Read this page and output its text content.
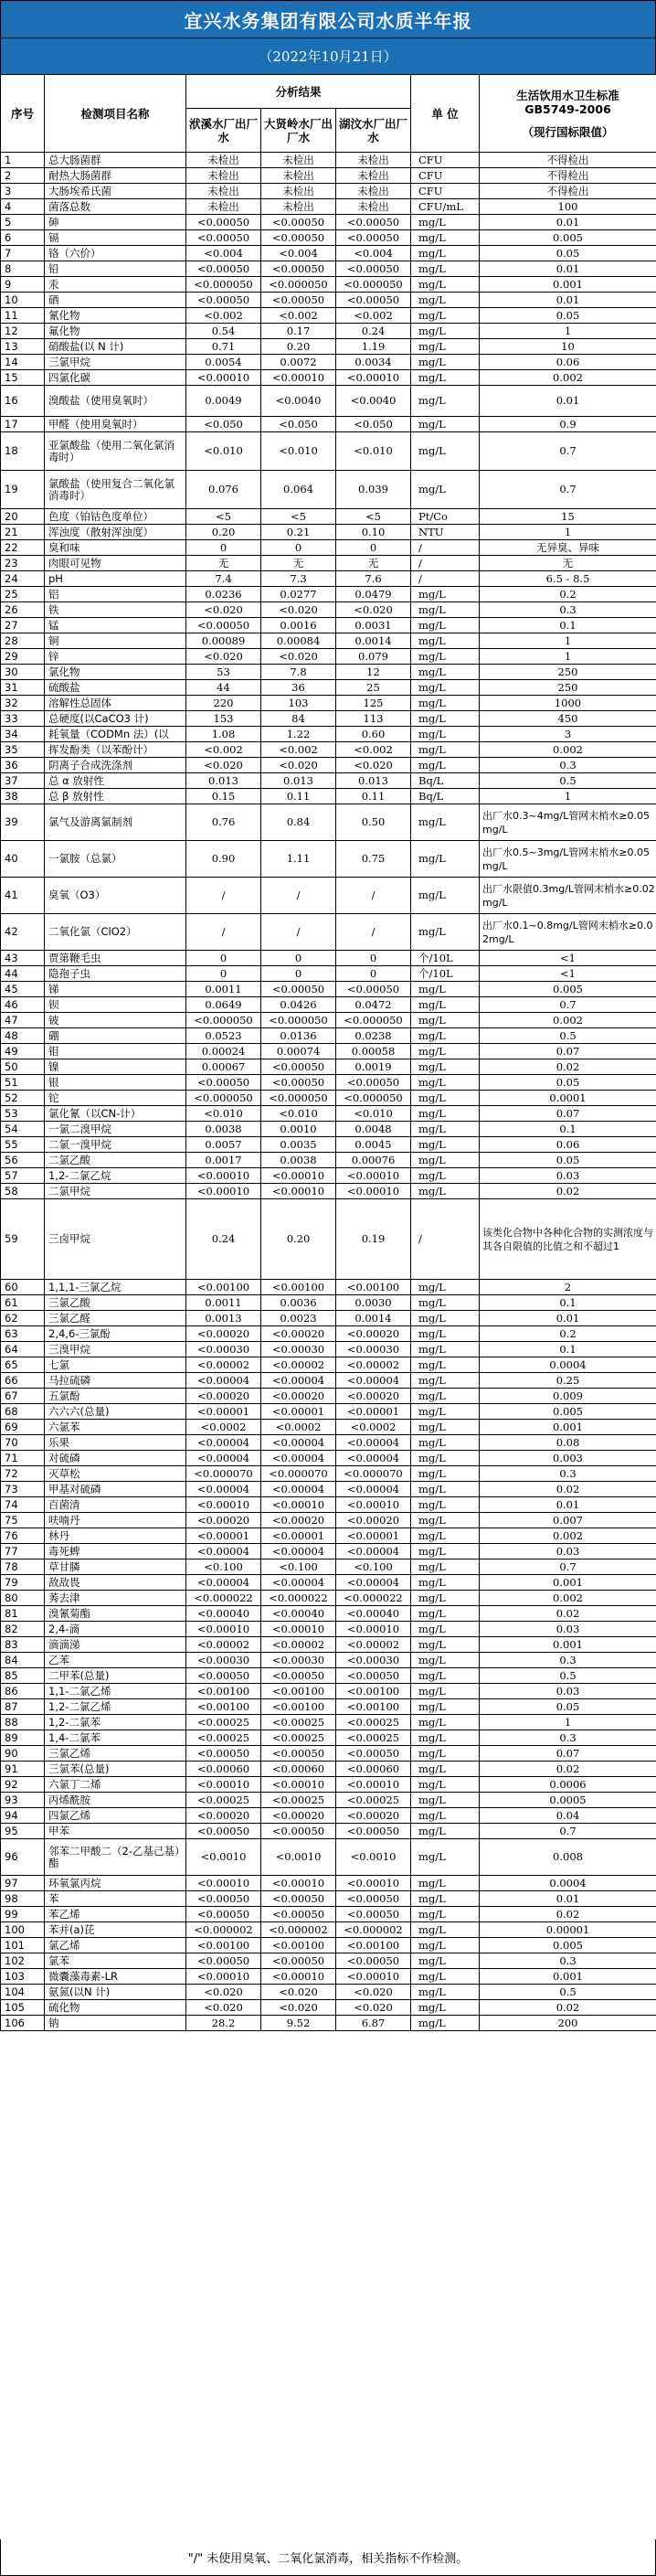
宜兴水务集团有限公司水质半年报
（2022年10月21日）
序号	检测项目名称	分析结果			单 位	生活饮用水卫生标准
GB5749-2006
（现行国标限值）

		洑溪水厂出厂水	大贤岭水厂出厂水	湖汶水厂出厂水		
1	总大肠菌群	未检出	未检出	未检出	CFU	不得检出
2	耐热大肠菌群	未检出	未检出	未检出	CFU	不得检出
3	大肠埃希氏菌	未检出	未检出	未检出	CFU	不得检出
4	菌落总数	未检出	未检出	未检出	CFU/mL	100
5	砷	<0.00050	<0.00050	<0.00050	mg/L	0.01
6	镉	<0.00050	<0.00050	<0.00050	mg/L	0.005
7	铬（六价）	<0.004	<0.004	<0.004	mg/L	0.05
8	铅	<0.00050	<0.00050	<0.00050	mg/L	0.01
9	汞	<0.000050	<0.000050	<0.000050	mg/L	0.001
10	硒	<0.00050	<0.00050	<0.00050	mg/L	0.01
11	氰化物	<0.002	<0.002	<0.002	mg/L	0.05
12	氟化物	0.54	0.17	0.24	mg/L	1
13	硝酸盐(以 N 计)	0.71	0.20	1.19	mg/L	10
14	三氯甲烷	0.0054	0.0072	0.0034	mg/L	0.06
15	四氯化碳	<0.00010	<0.00010	<0.00010	mg/L	0.002
16	溴酸盐（使用臭氧时）	0.0049	<0.0040	<0.0040	mg/L	0.01
17	甲醛（使用臭氧时）	<0.050	<0.050	<0.050	mg/L	0.9
18	亚氯酸盐（使用二氧化氯消毒时）	<0.010	<0.010	<0.010	mg/L	0.7
19	氯酸盐（使用复合二氧化氯消毒时）	0.076	0.064	0.039	mg/L	0.7
20	色度（铂钴色度单位）	<5	<5	<5	Pt/Co	15
21	浑浊度（散射浑浊度）	0.20	0.21	0.10	NTU	1
22	臭和味	0	0	0	/	无异臭、异味
23	肉眼可见物	无	无	无	/	无
24	pH	7.4	7.3	7.6	/	6.5 - 8.5
25	铝	0.0236	0.0277	0.0479	mg/L	0.2
26	铁	<0.020	<0.020	<0.020	mg/L	0.3
27	锰	<0.00050	0.0016	0.0031	mg/L	0.1
28	铜	0.00089	0.00084	0.0014	mg/L	1
29	锌	<0.020	<0.020	0.079	mg/L	1
30	氯化物	53	7.8	12	mg/L	250
31	硫酸盐	44	36	25	mg/L	250
32	溶解性总固体	220	103	125	mg/L	1000
33	总硬度(以CaCO3 计)	153	84	113	mg/L	450
34	耗氧量（CODMn 法）(以	1.08	1.22	0.60	mg/L	3
35	挥发酚类（以苯酚计）	<0.002	<0.002	<0.002	mg/L	0.002
36	阴离子合成洗涤剂	<0.020	<0.020	<0.020	mg/L	0.3
37	总 α 放射性	0.013	0.013	0.013	Bq/L	0.5
38	总 β 放射性	0.15	0.11	0.11	Bq/L	1
39	氯气及游离氯制剂	0.76	0.84	0.50	mg/L	出厂水0.3~4mg/L管网末梢水≥0.05mg/L
40	一氯胺（总氯）	0.90	1.11	0.75	mg/L	出厂水0.5~3mg/L管网末梢水≥0.05mg/L
41	臭氧（O3）	/	/	/	mg/L	出厂水限值0.3mg/L管网末梢水≥0.02mg/L
42	二氧化氯（ClO2）	/	/	/	mg/L	出厂水0.1~0.8mg/L管网末梢水≥0.02mg/L
43	贾第鞭毛虫	0	0	0	个/10L	<1
44	隐孢子虫	0	0	0	个/10L	<1
45	锑	0.0011	<0.00050	<0.00050	mg/L	0.005
46	钡	0.0649	0.0426	0.0472	mg/L	0.7
47	铍	<0.000050	<0.000050	<0.000050	mg/L	0.002
48	硼	0.0523	0.0136	0.0238	mg/L	0.5
49	钼	0.00024	0.00074	0.00058	mg/L	0.07
50	镍	0.00067	<0.00050	0.0019	mg/L	0.02
51	银	<0.00050	<0.00050	<0.00050	mg/L	0.05
52	铊	<0.000050	<0.000050	<0.000050	mg/L	0.0001
53	氯化氰（以CN-计）	<0.010	<0.010	<0.010	mg/L	0.07
54	一氯二溴甲烷	0.0038	0.0010	0.0048	mg/L	0.1
55	二氯一溴甲烷	0.0057	0.0035	0.0045	mg/L	0.06
56	二氯乙酸	0.0017	0.0038	0.00076	mg/L	0.05
57	1,2-二氯乙烷	<0.00010	<0.00010	<0.00010	mg/L	0.03
58	二氯甲烷	<0.00010	<0.00010	<0.00010	mg/L	0.02
59	三卤甲烷	0.24	0.20	0.19	/	该类化合物中各种化合物的实测浓度与其各自限值的比值之和不超过1
60	1,1,1-三氯乙烷	<0.00100	<0.00100	<0.00100	mg/L	2
61	三氯乙酸	0.0011	0.0036	0.0030	mg/L	0.1
62	三氯乙醛	0.0013	0.0023	0.0014	mg/L	0.01
63	2,4,6-三氯酚	<0.00020	<0.00020	<0.00020	mg/L	0.2
64	三溴甲烷	<0.00030	<0.00030	<0.00030	mg/L	0.1
65	七氯	<0.00002	<0.00002	<0.00002	mg/L	0.0004
66	马拉硫磷	<0.00004	<0.00004	<0.00004	mg/L	0.25
67	五氯酚	<0.00020	<0.00020	<0.00020	mg/L	0.009
68	六六六(总量)	<0.00001	<0.00001	<0.00001	mg/L	0.005
69	六氯苯	<0.0002	<0.0002	<0.0002	mg/L	0.001
70	乐果	<0.00004	<0.00004	<0.00004	mg/L	0.08
71	对硫磷	<0.00004	<0.00004	<0.00004	mg/L	0.003
72	灭草松	<0.000070	<0.000070	<0.000070	mg/L	0.3
73	甲基对硫磷	<0.00004	<0.00004	<0.00004	mg/L	0.02
74	百菌清	<0.00010	<0.00010	<0.00010	mg/L	0.01
75	呋喃丹	<0.00020	<0.00020	<0.00020	mg/L	0.007
76	林丹	<0.00001	<0.00001	<0.00001	mg/L	0.002
77	毒死蜱	<0.00004	<0.00004	<0.00004	mg/L	0.03
78	草甘膦	<0.100	<0.100	<0.100	mg/L	0.7
79	敌敌畏	<0.00004	<0.00004	<0.00004	mg/L	0.001
80	莠去津	<0.000022	<0.000022	<0.000022	mg/L	0.002
81	溴氰菊酯	<0.00040	<0.00040	<0.00040	mg/L	0.02
82	2,4-滴	<0.00010	<0.00010	<0.00010	mg/L	0.03
83	滴滴涕	<0.00002	<0.00002	<0.00002	mg/L	0.001
84	乙苯	<0.00030	<0.00030	<0.00030	mg/L	0.3
85	二甲苯(总量)	<0.00050	<0.00050	<0.00050	mg/L	0.5
86	1,1-二氯乙烯	<0.00100	<0.00100	<0.00100	mg/L	0.03
87	1,2-二氯乙烯	<0.00100	<0.00100	<0.00100	mg/L	0.05
88	1,2-二氯苯	<0.00025	<0.00025	<0.00025	mg/L	1
89	1,4-二氯苯	<0.00025	<0.00025	<0.00025	mg/L	0.3
90	三氯乙烯	<0.00050	<0.00050	<0.00050	mg/L	0.07
91	三氯苯(总量)	<0.00060	<0.00060	<0.00060	mg/L	0.02
92	六氯丁二烯	<0.00010	<0.00010	<0.00010	mg/L	0.0006
93	丙烯酰胺	<0.00025	<0.00025	<0.00025	mg/L	0.0005
94	四氯乙烯	<0.00020	<0.00020	<0.00020	mg/L	0.04
95	甲苯	<0.00050	<0.00050	<0.00050	mg/L	0.7
96	邻苯二甲酸二（2-乙基己基）酯	<0.0010	<0.0010	<0.0010	mg/L	0.008
97	环氧氯丙烷	<0.00010	<0.00010	<0.00010	mg/L	0.0004
98	苯	<0.00050	<0.00050	<0.00050	mg/L	0.01
99	苯乙烯	<0.00050	<0.00050	<0.00050	mg/L	0.02
100	苯并(a)芘	<0.000002	<0.000002	<0.000002	mg/L	0.00001
101	氯乙烯	<0.00100	<0.00100	<0.00100	mg/L	0.005
102	氯苯	<0.00050	<0.00050	<0.00050	mg/L	0.3
103	微囊藻毒素-LR	<0.00010	<0.00010	<0.00010	mg/L	0.001
104	氨氮(以N 计)	<0.020	<0.020	<0.020	mg/L	0.5
105	硫化物	<0.020	<0.020	<0.020	mg/L	0.02
106	钠	28.2	9.52	6.87	mg/L	200
"/" 未使用臭氧、二氧化氯消毒，相关指标不作检测。
